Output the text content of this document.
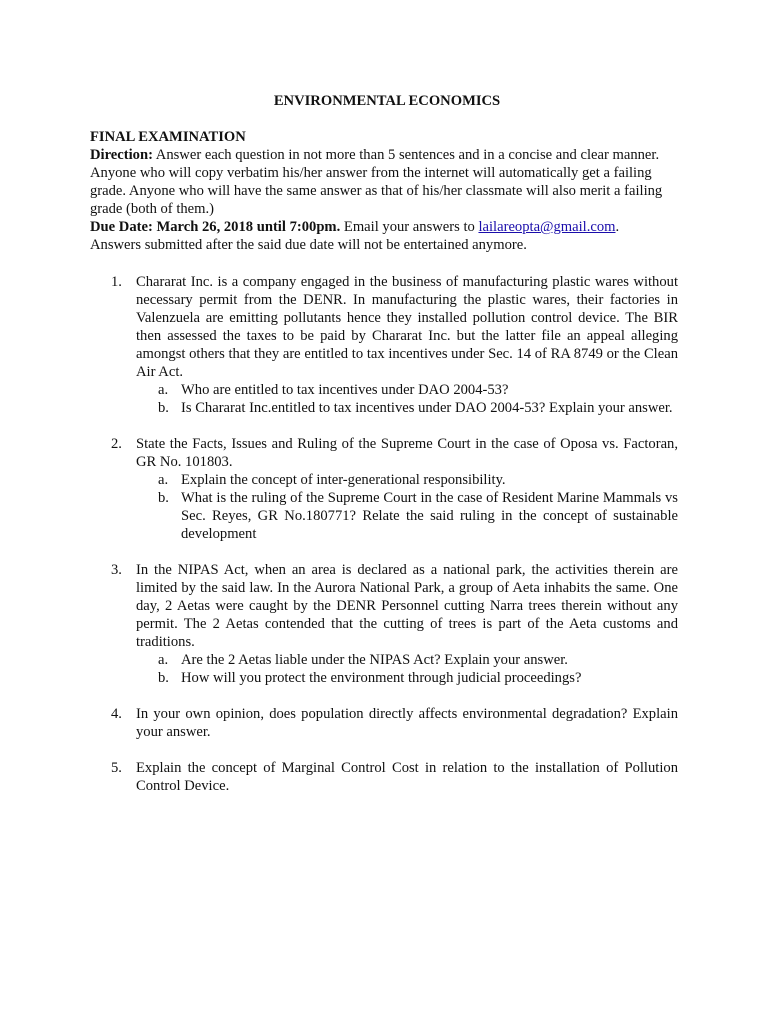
ENVIRONMENTAL ECONOMICS
FINAL EXAMINATION
Direction: Answer each question in not more than 5 sentences and in a concise and clear manner. Anyone who will copy verbatim his/her answer from the internet will automatically get a failing grade. Anyone who will have the same answer as that of his/her classmate will also merit a failing grade (both of them.)
Due Date: March 26, 2018 until 7:00pm. Email your answers to lailareopta@gmail.com.
Answers submitted after the said due date will not be entertained anymore.
1. Chararat Inc. is a company engaged in the business of manufacturing plastic wares without necessary permit from the DENR. In manufacturing the plastic wares, their factories in Valenzuela are emitting pollutants hence they installed pollution control device. The BIR then assessed the taxes to be paid by Chararat Inc. but the latter file an appeal alleging amongst others that they are entitled to tax incentives under Sec. 14 of RA 8749 or the Clean Air Act.

a. Who are entitled to tax incentives under DAO 2004-53?
b. Is Chararat Inc.entitled to tax incentives under DAO 2004-53? Explain your answer.
2. State the Facts, Issues and Ruling of the Supreme Court in the case of Oposa vs. Factoran, GR No. 101803.

a. Explain the concept of inter-generational responsibility.
b. What is the ruling of the Supreme Court in the case of Resident Marine Mammals vs Sec. Reyes, GR No.180771? Relate the said ruling in the concept of sustainable development
3. In the NIPAS Act, when an area is declared as a national park, the activities therein are limited by the said law. In the Aurora National Park, a group of Aeta inhabits the same. One day, 2 Aetas were caught by the DENR Personnel cutting Narra trees therein without any permit. The 2 Aetas contended that the cutting of trees is part of the Aeta customs and traditions.

a. Are the 2 Aetas liable under the NIPAS Act? Explain your answer.
b. How will you protect the environment through judicial proceedings?
4. In your own opinion, does population directly affects environmental degradation? Explain your answer.

5. Explain the concept of Marginal Control Cost in relation to the installation of Pollution Control Device.
